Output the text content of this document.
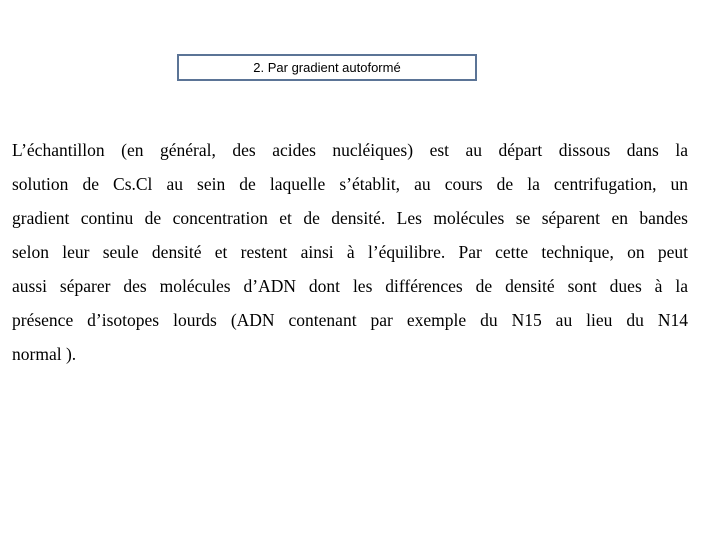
2. Par gradient autoformé
L’échantillon (en général, des acides nucléiques) est au départ dissous dans la
solution de Cs.Cl au sein de laquelle s’établit, au cours de la centrifugation, un
gradient continu de concentration et de densité. Les molécules se séparent en bandes
selon leur seule densité et restent ainsi à l’équilibre. Par cette technique, on peut
aussi séparer des molécules d’ADN dont les différences de densité sont dues à la
présence d’isotopes lourds (ADN contenant par exemple du N15 au lieu du N14
normal ).
